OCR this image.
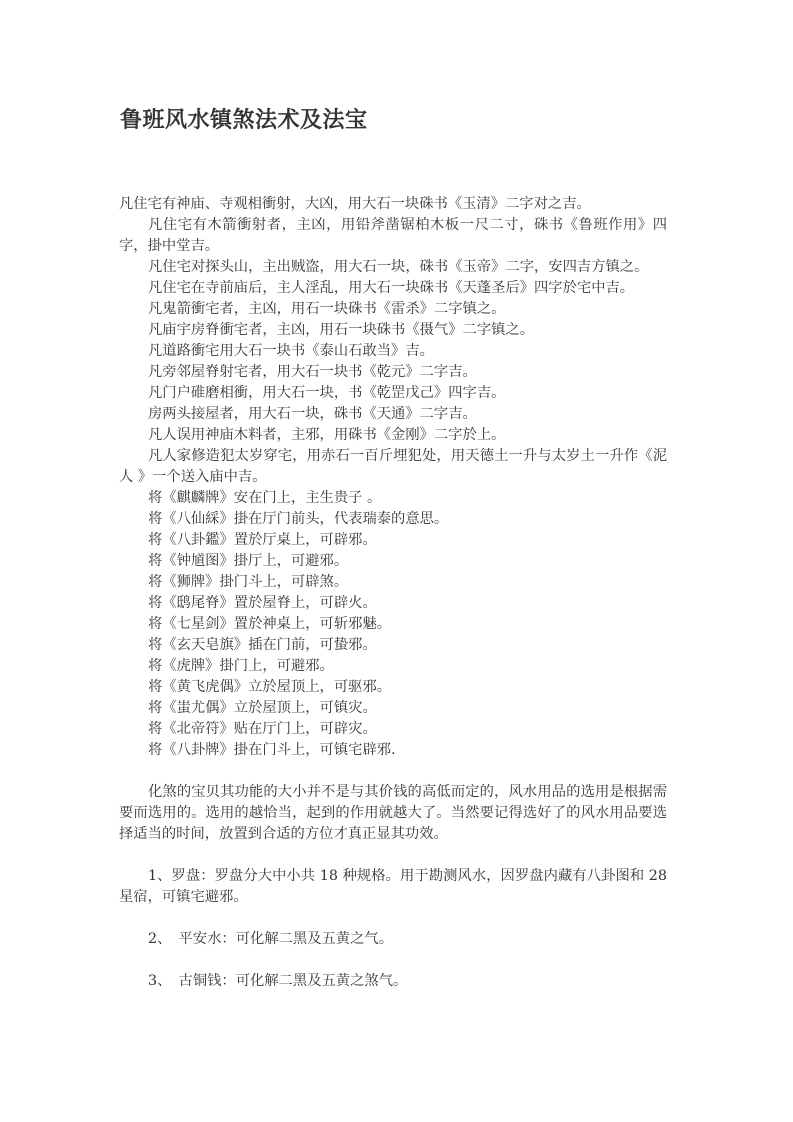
鲁班风水镇煞法术及法宝

凡住宅有神庙、寺观相衝射，大凶，用大石一块硃书《玉清》二字对之吉。

凡住宅有木箭衝射者，主凶，用铅斧凿锯柏木板一尺二寸，硃书《鲁班作用》四字，掛中堂吉。

凡住宅对探头山，主出贼盗，用大石一块，硃书《玉帝》二字，安四吉方镇之。

凡住宅在寺前庙后，主人淫乱，用大石一块硃书《天蓬圣后》四字於宅中吉。

凡鬼箭衝宅者，主凶，用石一块硃书《雷杀》二字镇之。

凡庙宇房脊衝宅者，主凶，用石一块硃书《摄气》二字镇之。

凡道路衝宅用大石一块书《泰山石敢当》吉。

凡旁邻屋脊射宅者，用大石一块书《乾元》二字吉。

凡门户碓磨相衝，用大石一块，书《乾罡戊己》四字吉。

房两头接屋者，用大石一块，硃书《天通》二字吉。

凡人误用神庙木料者，主邪，用硃书《金刚》二字於上。

凡人家修造犯太岁穿宅，用赤石一百斤埋犯处，用天德土一升与太岁土一升作《泥人 》一个送入庙中吉。

将《麒麟牌》安在门上，主生贵子 。

将《八仙綵》掛在厅门前头，代表瑞泰的意思。

将《八卦鑑》置於厅桌上，可辟邪。

将《钟馗图》掛厅上，可避邪。

将《狮牌》掛门斗上，可辟煞。

将《鸱尾脊》置於屋脊上，可辟火。

将《七星剑》置於神桌上，可斩邪魅。

将《玄天皂旗》插在门前，可蛰邪。

将《虎牌》掛门上，可避邪。

将《黄飞虎偶》立於屋顶上，可驱邪。

将《蚩尤偶》立於屋顶上，可镇灾。

将《北帝符》贴在厅门上，可辟灾。

将《八卦牌》掛在门斗上，可镇宅辟邪.

化煞的宝贝其功能的大小并不是与其价钱的高低而定的，风水用品的选用是根据需要而选用的。选用的越恰当，起到的作用就越大了。当然要记得选好了的风水用品要选择适当的时间，放置到合适的方位才真正显其功效。

1、罗盘：罗盘分大中小共 18 种规格。用于勘测风水，因罗盘内藏有八卦图和 28 星宿，可镇宅避邪。

2、　平安水：可化解二黑及五黄之气。

3、　古铜钱：可化解二黑及五黄之煞气。
